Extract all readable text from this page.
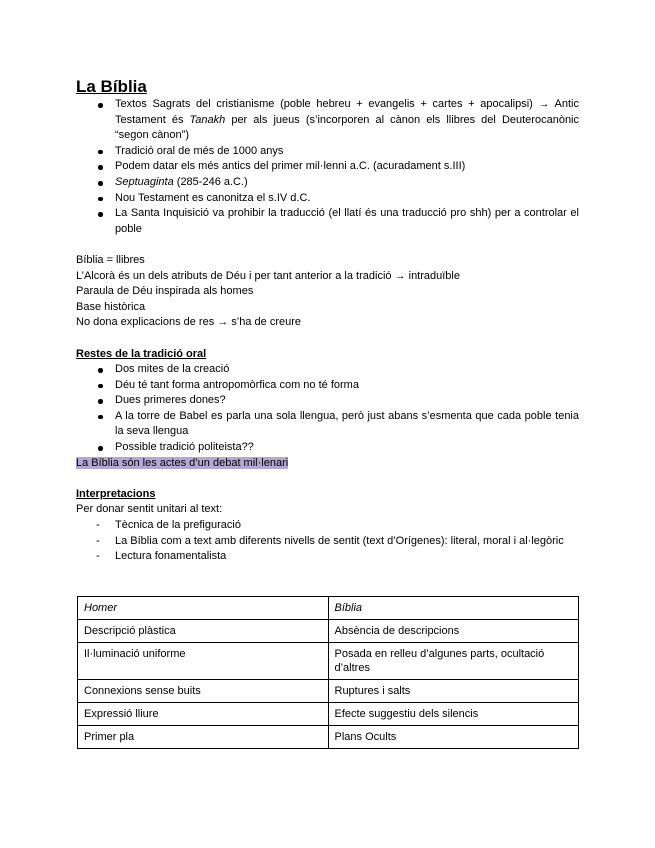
La Bíblia
Textos Sagrats del cristianisme (poble hebreu + evangelis + cartes + apocalipsi) → Antic Testament és Tanakh per als jueus (s’incorporen al cànon els llibres del Deuterocanònic “segon cànon”)
Tradició oral de més de 1000 anys
Podem datar els més antics del primer mil·lenni a.C. (acuradament s.III)
Septuaginta (285-246 a.C.)
Nou Testament es canonitza el s.IV d.C.
La Santa Inquisició va prohibir la traducció (el llatí és una traducció pro shh) per a controlar el poble
Bíblia = llibres
L’Alcorà és un dels atributs de Déu i per tant anterior a la tradició → intraduïble
Paraula de Déu inspirada als homes
Base històrica
No dona explicacions de res → s’ha de creure
Restes de la tradició oral
Dos mites de la creació
Déu té tant forma antropomòrfica com no té forma
Dues primeres dones?
A la torre de Babel es parla una sola llengua, però just abans s’esmenta que cada poble tenia la seva llengua
Possible tradició politeista??
La Bíblia són les actes d’un debat mil·lenari
Interpretacions
Per donar sentit unitari al text:
- Tècnica de la prefiguració
- La Bíblia com a text amb diferents nivells de sentit (text d’Orígenes): literal, moral i al·legòric
- Lectura fonamentalista
Homer	Bíblia
Descripció plàstica	Absència de descripcions
Il·luminació uniforme	Posada en relleu d’algunes parts, ocultació d’altres
Connexions sense buits	Ruptures i salts
Expressió lliure	Efecte suggestiu dels silencis
Primer pla	Plans Ocults
